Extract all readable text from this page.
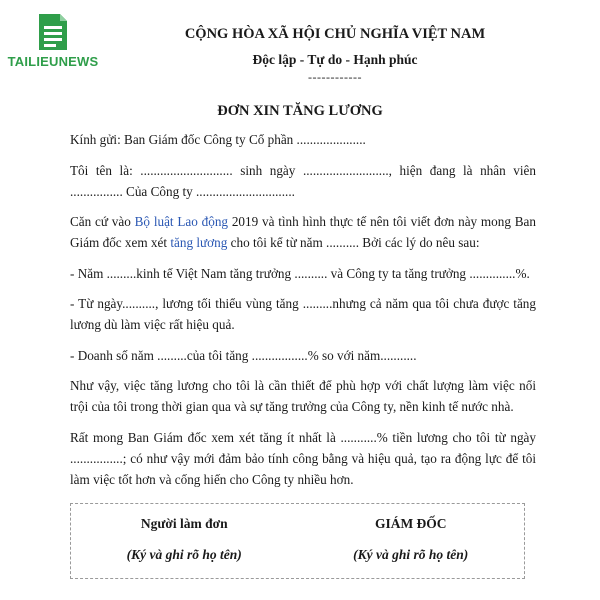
TAILIEUNEWS
CỘNG HÒA XÃ HỘI CHỦ NGHĨA VIỆT NAM
Độc lập - Tự do - Hạnh phúc
------------
ĐƠN XIN TĂNG LƯƠNG

Kính gửi: Ban Giám đốc Công ty Cổ phần .....................

Tôi tên là: ............................ sinh ngày .........................., hiện đang là nhân viên ................ Của Công ty ..............................

Căn cứ vào Bộ luật Lao động 2019 và tình hình thực tế nên tôi viết đơn này mong Ban Giám đốc xem xét tăng lương cho tôi kể từ năm .......... Bởi các lý do nêu sau:

- Năm .........kinh tế Việt Nam tăng trưởng .......... và Công ty ta tăng trưởng ..............%.

- Từ ngày.........., lương tối thiểu vùng tăng .........nhưng cả năm qua tôi chưa được tăng lương dù làm việc rất hiệu quả.

- Doanh số năm .........của tôi tăng .................% so với năm...........

Như vậy, việc tăng lương cho tôi là cần thiết để phù hợp với chất lượng làm việc nổi trội của tôi trong thời gian qua và sự tăng trưởng của Công ty, nền kinh tế nước nhà.

Rất mong Ban Giám đốc xem xét tăng ít nhất là ...........% tiền lương cho tôi từ ngày ................; có như vậy mới đảm bảo tính công bằng và hiệu quả, tạo ra động lực để tôi làm việc tốt hơn và cống hiến cho Công ty nhiều hơn.

Người làm đơn
(Ký và ghi rõ họ tên)
GIÁM ĐỐC
(Ký và ghi rõ họ tên)
